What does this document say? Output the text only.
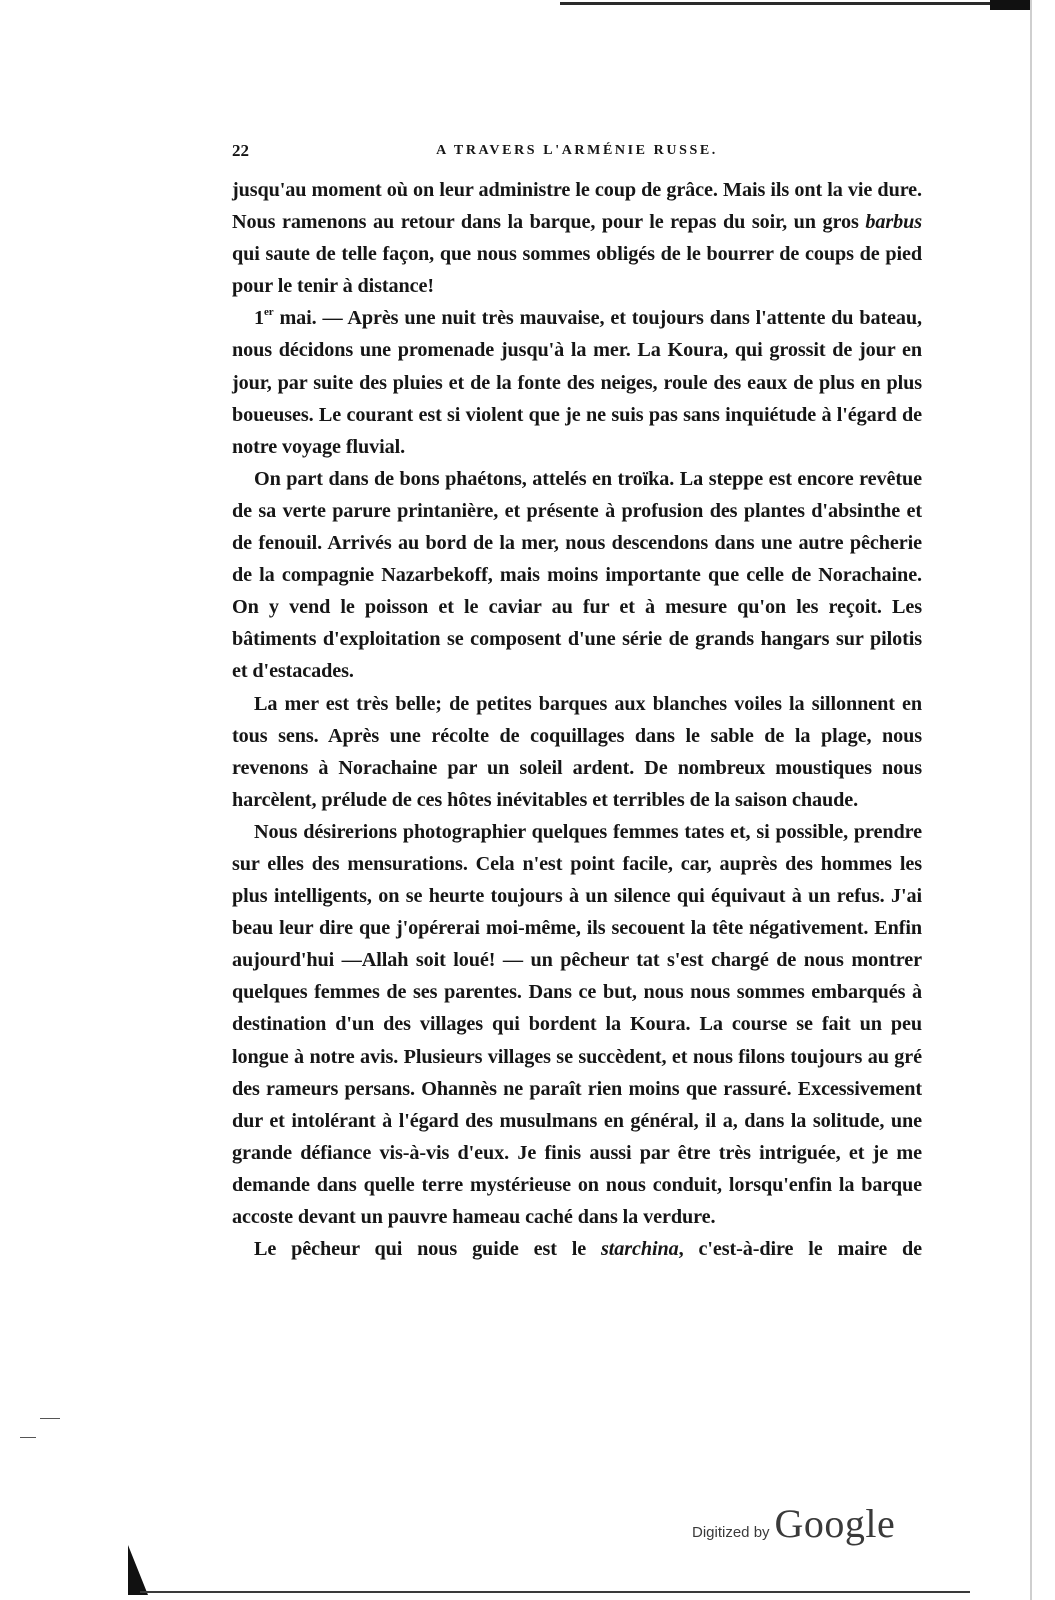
22	A TRAVERS L'ARMÉNIE RUSSE.

jusqu'au moment où on leur administre le coup de grâce. Mais ils ont la vie dure. Nous ramenons au retour dans la barque, pour le repas du soir, un gros barbus qui saute de telle façon, que nous sommes obligés de le bourrer de coups de pied pour le tenir à distance!

1er mai. — Après une nuit très mauvaise, et toujours dans l'attente du bateau, nous décidons une promenade jusqu'à la mer. La Koura, qui grossit de jour en jour, par suite des pluies et de la fonte des neiges, roule des eaux de plus en plus boueuses. Le courant est si violent que je ne suis pas sans inquiétude à l'égard de notre voyage fluvial.

On part dans de bons phaétons, attelés en troïka. La steppe est encore revêtue de sa verte parure printanière, et présente à profusion des plantes d'absinthe et de fenouil. Arrivés au bord de la mer, nous descendons dans une autre pêcherie de la compagnie Nazarbekoff, mais moins importante que celle de Norachaine. On y vend le poisson et le caviar au fur et à mesure qu'on les reçoit. Les bâtiments d'exploitation se composent d'une série de grands hangars sur pilotis et d'estacades.

La mer est très belle; de petites barques aux blanches voiles la sillonnent en tous sens. Après une récolte de coquillages dans le sable de la plage, nous revenons à Norachaine par un soleil ardent. De nombreux moustiques nous harcèlent, prélude de ces hôtes inévitables et terribles de la saison chaude.

Nous désirerions photographier quelques femmes tates et, si possible, prendre sur elles des mensurations. Cela n'est point facile, car, auprès des hommes les plus intelligents, on se heurte toujours à un silence qui équivaut à un refus. J'ai beau leur dire que j'opérerai moi-même, ils secouent la tête négativement. Enfin aujourd'hui —Allah soit loué! — un pêcheur tat s'est chargé de nous montrer quelques femmes de ses parentes. Dans ce but, nous nous sommes embarqués à destination d'un des villages qui bordent la Koura. La course se fait un peu longue à notre avis. Plusieurs villages se succèdent, et nous filons toujours au gré des rameurs persans. Ohannès ne paraît rien moins que rassuré. Excessivement dur et intolérant à l'égard des musulmans en général, il a, dans la solitude, une grande défiance vis-à-vis d'eux. Je finis aussi par être très intriguée, et je me demande dans quelle terre mystérieuse on nous conduit, lorsqu'enfin la barque accoste devant un pauvre hameau caché dans la verdure.

Le pêcheur qui nous guide est le starchina, c'est-à-dire le maire de

Digitized by Google
